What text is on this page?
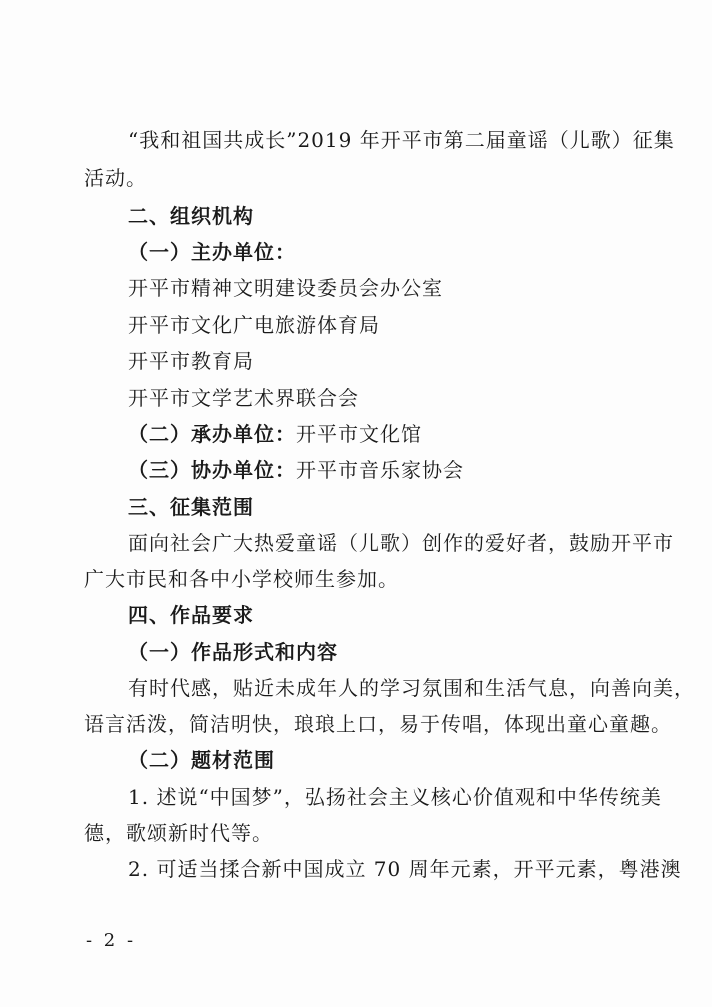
“我和祖国共成长”2019 年开平市第二届童谣（儿歌）征集
活动。
二、组织机构
（一）主办单位：
开平市精神文明建设委员会办公室
开平市文化广电旅游体育局
开平市教育局
开平市文学艺术界联合会
（二）承办单位：开平市文化馆
（三）协办单位：开平市音乐家协会
三、征集范围
面向社会广大热爱童谣（儿歌）创作的爱好者，鼓励开平市
广大市民和各中小学校师生参加。
四、作品要求
（一）作品形式和内容
有时代感，贴近未成年人的学习氛围和生活气息，向善向美，
语言活泼，简洁明快，琅琅上口，易于传唱，体现出童心童趣。
（二）题材范围
1. 述说“中国梦”，弘扬社会主义核心价值观和中华传统美
德，歌颂新时代等。
2. 可适当揉合新中国成立 70 周年元素，开平元素，粤港澳
- 2 -
